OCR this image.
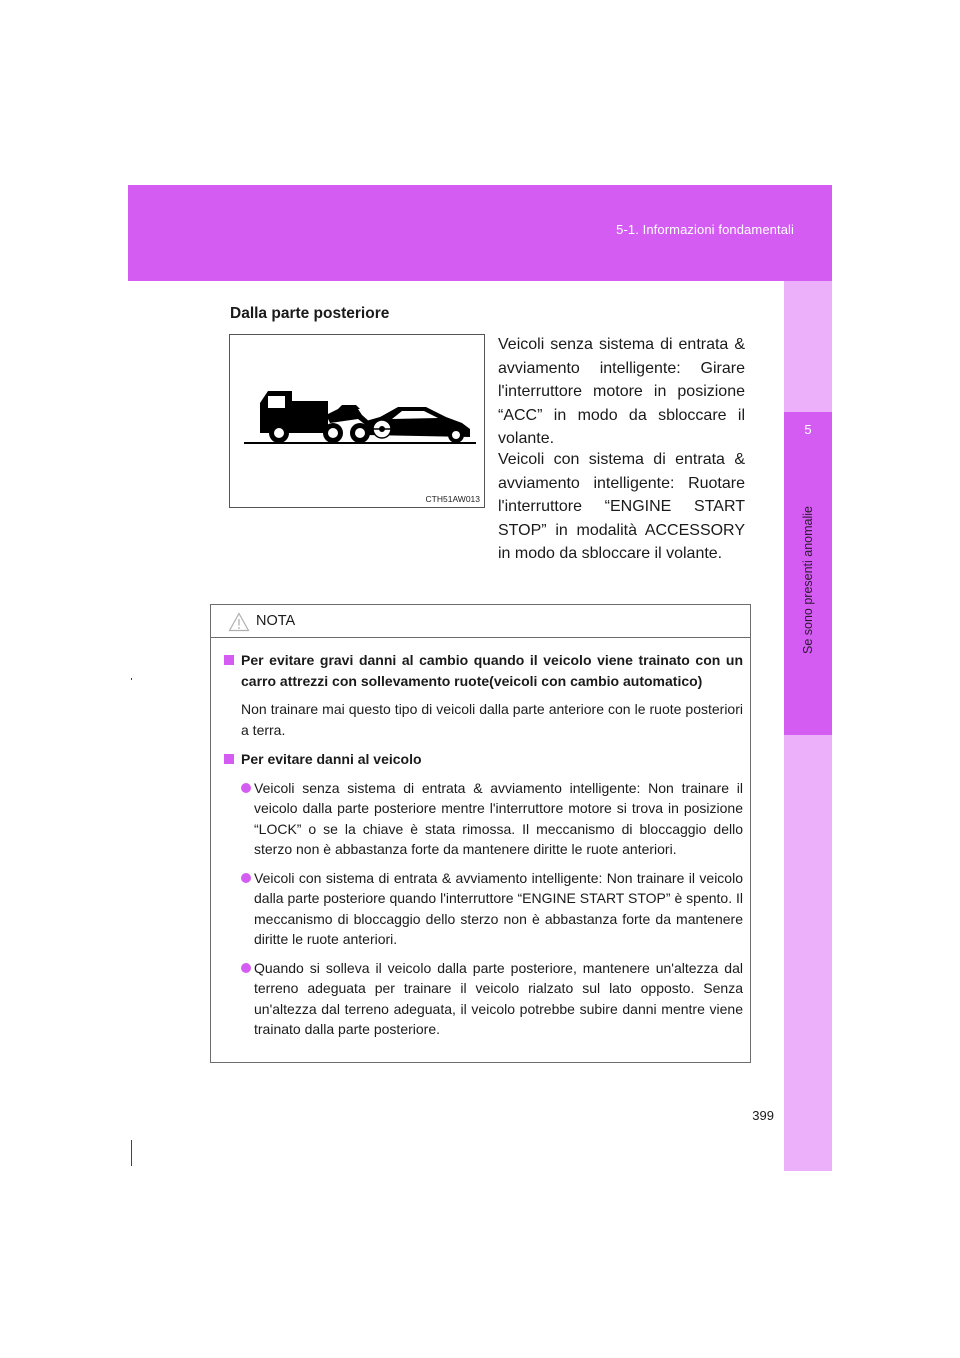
5-1. Informazioni fondamentali
5
Se sono presenti anomalie
Dalla parte posteriore
CTH51AW013
Veicoli senza sistema di entrata & avviamento intelligente: Girare l'interruttore motore in posizione “ACC” in modo da sbloccare il volante.
Veicoli con sistema di entrata & avviamento intelligente: Ruotare l'interruttore “ENGINE START STOP” in modalità ACCESSORY in modo da sbloccare il volante.
NOTA
Per evitare gravi danni al cambio quando il veicolo viene trainato con un carro attrezzi con sollevamento ruote(veicoli con cambio automatico)
Non trainare mai questo tipo di veicoli dalla parte anteriore con le ruote posteriori a terra.
Per evitare danni al veicolo
Veicoli senza sistema di entrata & avviamento intelligente: Non trainare il veicolo dalla parte posteriore mentre l'interruttore motore si trova in posizione “LOCK” o se la chiave è stata rimossa. Il meccanismo di bloccaggio dello sterzo non è abbastanza forte da mantenere diritte le ruote anteriori.
Veicoli con sistema di entrata & avviamento intelligente: Non trainare il veicolo dalla parte posteriore quando l'interruttore “ENGINE START STOP” è spento. Il meccanismo di bloccaggio dello sterzo non è abbastanza forte da mantenere diritte le ruote anteriori.
Quando si solleva il veicolo dalla parte posteriore, mantenere un'altezza dal terreno adeguata per trainare il veicolo rialzato sul lato opposto. Senza un'altezza dal terreno adeguata, il veicolo potrebbe subire danni mentre viene trainato dalla parte posteriore.
399
